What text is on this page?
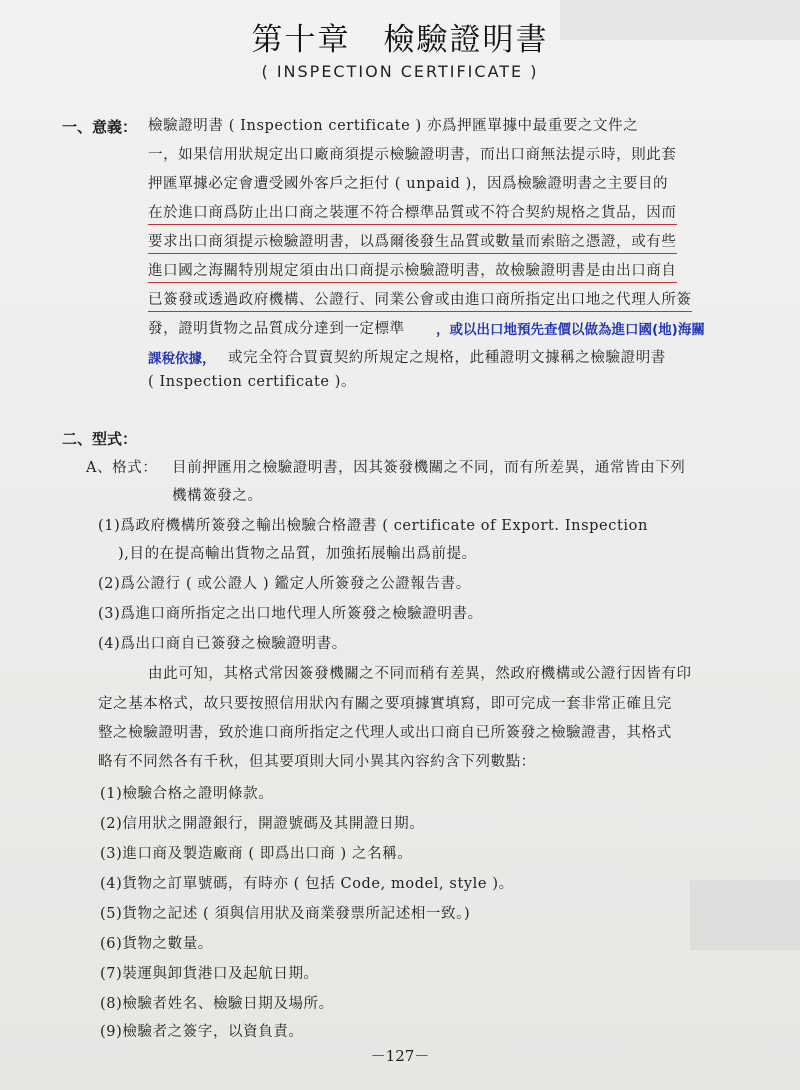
第十章　檢驗證明書
( INSPECTION CERTIFICATE )
一、意義： 檢驗證明書 ( Inspection certificate ) 亦爲押匯單據中最重要之文件之
一，如果信用狀規定出口廠商須提示檢驗證明書，而出口商無法提示時，則此套
押匯單據必定會遭受國外客戶之拒付 ( unpaid )，因爲檢驗證明書之主要目的
在於進口商爲防止出口商之裝運不符合標準品質或不符合契約規格之貨品，因而
要求出口商須提示檢驗證明書，以爲爾後發生品質或數量而索賠之憑證，或有些
進口國之海關特別規定須由出口商提示檢驗證明書，故檢驗證明書是由出口商自
已簽發或透過政府機構、公證行、同業公會或由進口商所指定出口地之代理人所簽
發，證明貨物之品質成分達到一定標準 ，或以出口地預先查價以做為進口國(地)海關
課稅依據， 或完全符合買賣契約所規定之規格，此種證明文據稱之檢驗證明書
( Inspection certificate )。
二、型式：
A、格式： 目前押匯用之檢驗證明書，因其簽發機關之不同，而有所差異，通常皆由下列
機構簽發之。
(1)爲政府機構所簽發之輸出檢驗合格證書 ( certificate of Export. Inspection
),目的在提高輸出貨物之品質，加強拓展輸出爲前提。
(2)爲公證行 ( 或公證人 ) 鑑定人所簽發之公證報告書。
(3)爲進口商所指定之出口地代理人所簽發之檢驗證明書。
(4)爲出口商自已簽發之檢驗證明書。
由此可知，其格式常因簽發機關之不同而稍有差異，然政府機構或公證行因皆有印
定之基本格式，故只要按照信用狀內有關之要項據實填寫，即可完成一套非常正確且完
整之檢驗證明書，致於進口商所指定之代理人或出口商自已所簽發之檢驗證書，其格式
略有不同然各有千秋，但其要項則大同小異其內容約含下列數點：
(1)檢驗合格之證明條款。
(2)信用狀之開證銀行，開證號碼及其開證日期。
(3)進口商及製造廠商 ( 即爲出口商 ) 之名稱。
(4)貨物之訂單號碼，有時亦 ( 包括 Code, model, style )。
(5)貨物之記述 ( 須與信用狀及商業發票所記述相一致。)
(6)貨物之數量。
(7)裝運與卸貨港口及起航日期。
(8)檢驗者姓名、檢驗日期及場所。
(9)檢驗者之簽字，以資負責。
－127－
